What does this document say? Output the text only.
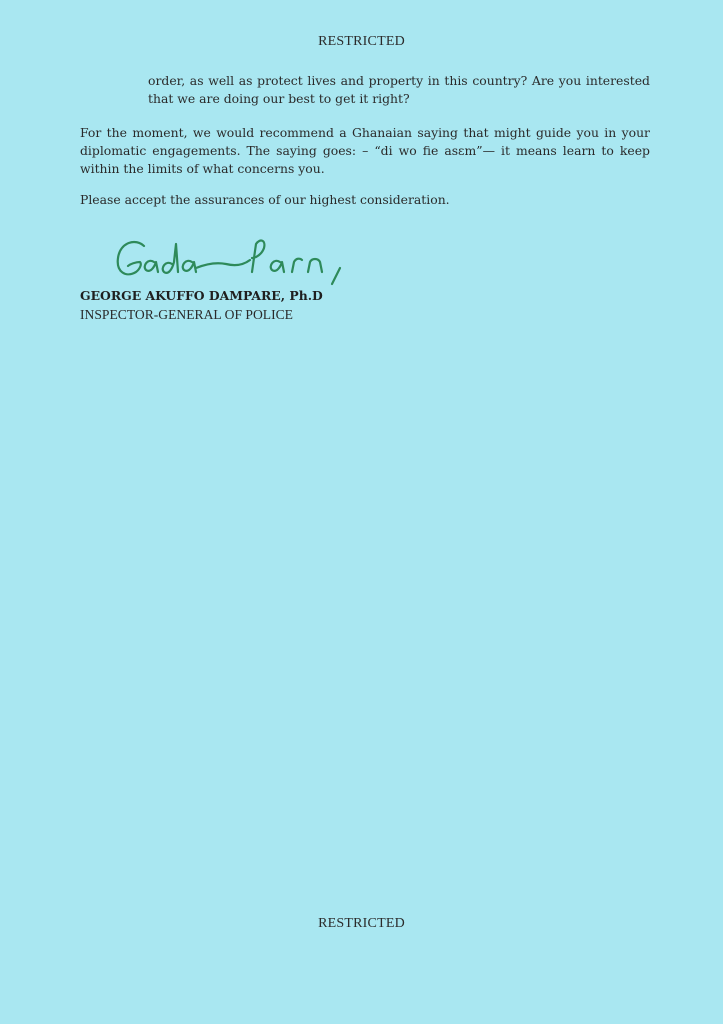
RESTRICTED
order, as well as protect lives and property in this country? Are you interested that we are doing our best to get it right?
For the moment, we would recommend a Ghanaian saying that might guide you in your diplomatic engagements. The saying goes: – “di wo fie asɛm”— it means learn to keep within the limits of what concerns you.
Please accept the assurances of our highest consideration.
GEORGE AKUFFO DAMPARE, Ph.D
INSPECTOR-GENERAL OF POLICE
RESTRICTED
